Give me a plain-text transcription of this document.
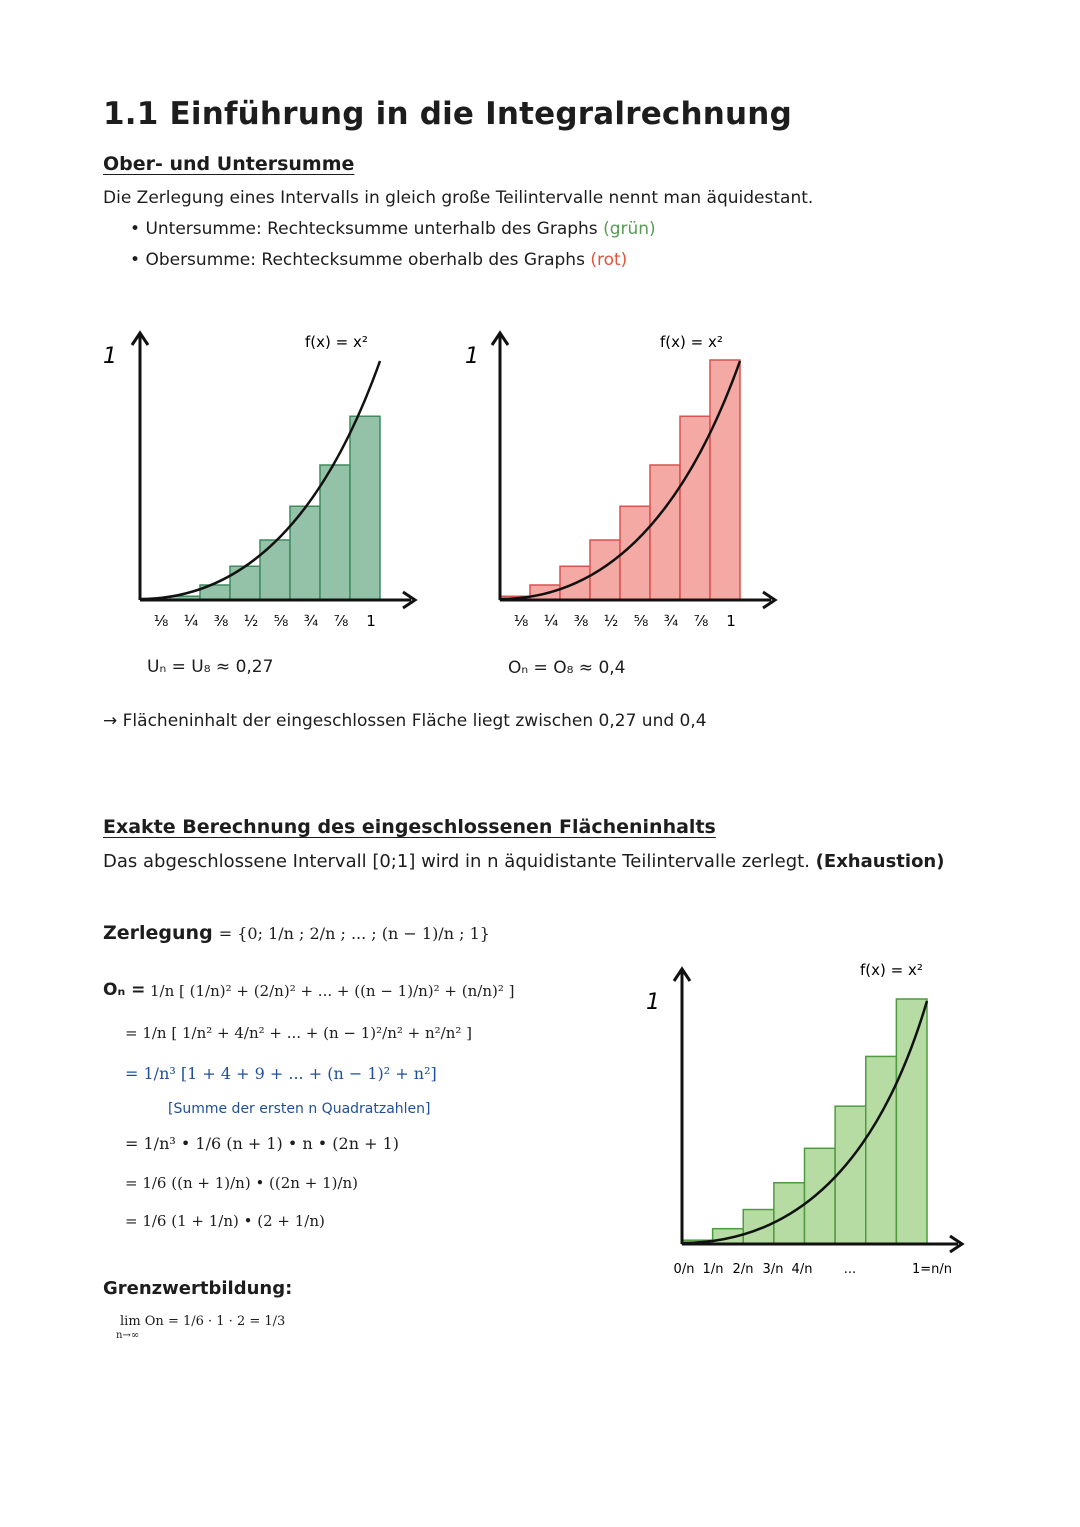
1.1 Einführung in die Integralrechnung
Ober- und Untersumme
Die Zerlegung eines Intervalls in gleich große Teilintervalle nennt man äquidestant.
• Untersumme: Rechtecksumme unterhalb des Graphs (grün)
• Obersumme: Rechtecksumme oberhalb des Graphs (rot)
1
f(x) = x²
⅛ ¼ ⅜ ½ ⅝ ¾ ⅞ 1
Uₙ = U₈ ≈ 0,27
1
f(x) = x²
⅛ ¼ ⅜ ½ ⅝ ¾ ⅞ 1
Oₙ = O₈ ≈ 0,4
→ Flächeninhalt der eingeschlossen Fläche liegt zwischen 0,27 und 0,4
Exakte Berechnung des eingeschlossenen Flächeninhalts
Das abgeschlossene Intervall [0;1] wird in n äquidistante Teilintervalle zerlegt. (Exhaustion)
Zerlegung = {0; 1/n ; 2/n ; ... ; (n − 1)/n ; 1}
Oₙ = 1/n [ (1/n)² + (2/n)² + ... + ((n − 1)/n)² + (n/n)² ]
= 1/n [ 1/n² + 4/n² + ... + (n − 1)²/n² + n²/n² ]
= 1/n³ [1 + 4 + 9 + ... + (n − 1)² + n²]
[Summe der ersten n Quadratzahlen]
= 1/n³ • 1/6 (n + 1) • n • (2n + 1)
= 1/6 ((n + 1)/n) • ((2n + 1)/n)
= 1/6 (1 + 1/n) • (2 + 1/n)
Grenzwertbildung:
lim On = 1/6 · 1 · 2 = 1/3
n→∞
1
f(x) = x²
0/n 1/n 2/n 3/n 4/n ...	1=n/n
